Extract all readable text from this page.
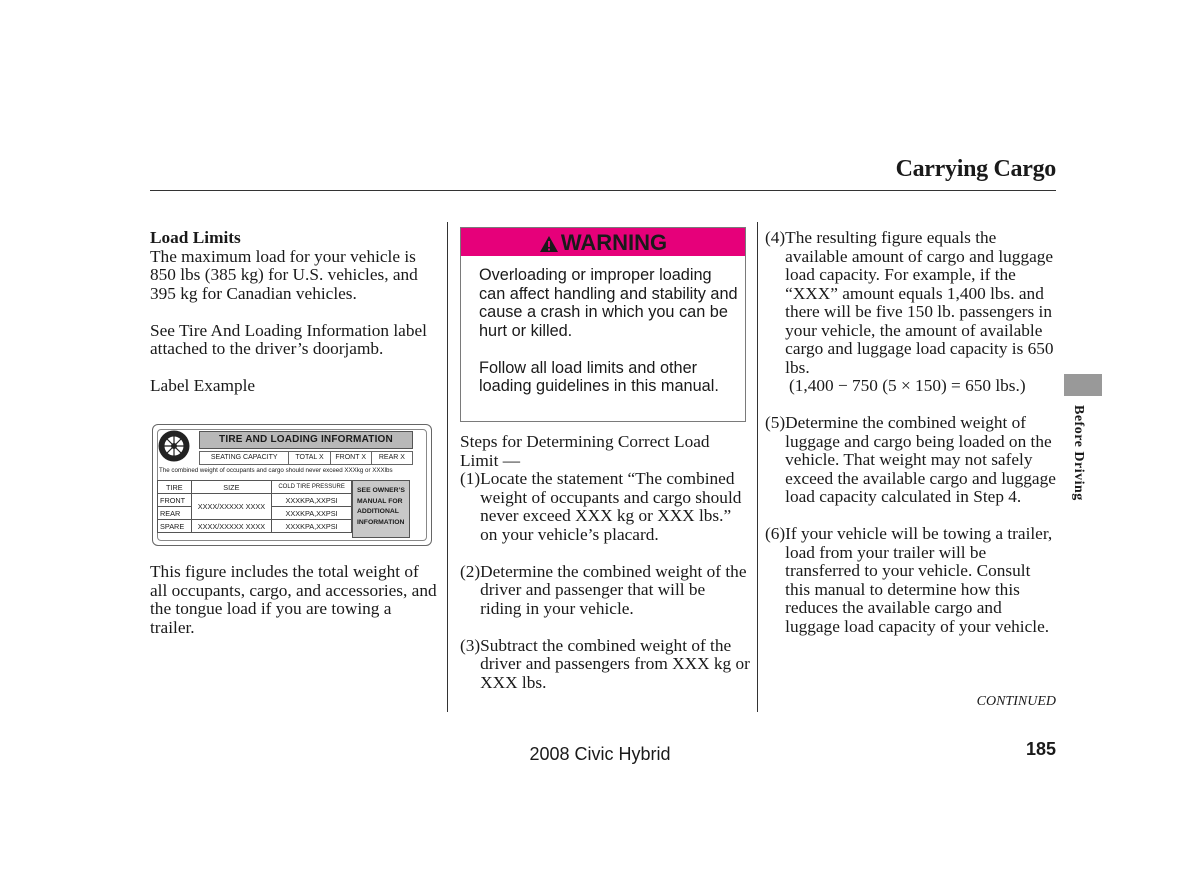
Carrying Cargo

Load Limits

The maximum load for your vehicle is 850 lbs (385 kg) for U.S. vehicles, and 395 kg for Canadian vehicles.

See Tire And Loading Information label attached to the driver’s doorjamb.

Label Example

TIRE AND LOADING INFORMATION
SEATING CAPACITY	TOTAL X	FRONT X	REAR X
The combined weight of occupants and cargo should never exceed XXXkg or XXXlbs
TIRE	SIZE	COLD TIRE PRESSURE
FRONT	XXXX/XXXXX XXXX	XXXKPA,XXPSI
REAR		XXXKPA,XXPSI
SPARE	XXXX/XXXXX XXXX	XXXKPA,XXPSI
SEE OWNER’S
MANUAL FOR
ADDITIONAL
INFORMATION
This figure includes the total weight of all occupants, cargo, and accessories, and the tongue load if you are towing a trailer.
WARNING

Overloading or improper loading can affect handling and stability and cause a crash in which you can be hurt or killed.

Follow all load limits and other loading guidelines in this manual.

Steps for Determining Correct Load Limit —

(1) Locate the statement “The combined weight of occupants and cargo should never exceed XXX kg or XXX lbs.” on your vehicle’s placard.
(2) Determine the combined weight of the driver and passenger that will be riding in your vehicle.
(3) Subtract the combined weight of the driver and passengers from XXX kg or XXX lbs.
(4) The resulting figure equals the available amount of cargo and luggage load capacity. For example, if the “XXX” amount equals 1,400 lbs. and there will be five 150 lb. passengers in your vehicle, the amount of available cargo and luggage load capacity is 650 lbs.

(1,400 − 750 (5 × 150) = 650 lbs.)

(5) Determine the combined weight of luggage and cargo being loaded on the vehicle. That weight may not safely exceed the available cargo and luggage load capacity calculated in Step 4.
(6) If your vehicle will be towing a trailer, load from your trailer will be transferred to your vehicle. Consult this manual to determine how this reduces the available cargo and luggage load capacity of your vehicle.
CONTINUED
Before Driving
2008 Civic Hybrid	185
